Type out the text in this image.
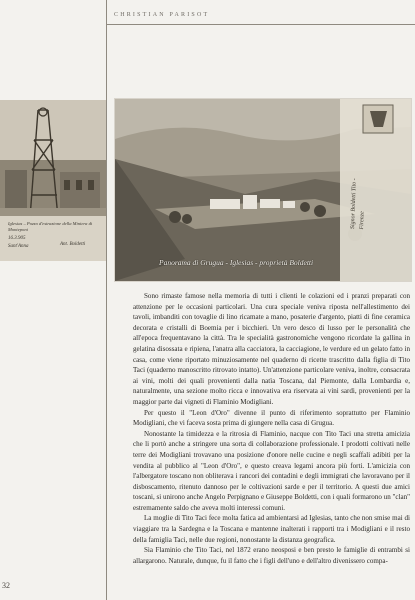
CHRISTIAN PARISOT
Iglesias – Pozzo d'estrazione della Miniera di Monteponi
16.3.905
Sant'Anna	Ant. Boldetti
Signor Boldetti Tito - Firenze
Panorama di Grugua - Iglesias - proprietà Boldetti

Sono rimaste famose nella memoria di tutti i clienti le colazioni ed i pranzi preparati con attenzione per le occasioni particolari. Una cura speciale veniva riposta nell'allestimento dei tavoli, imbanditi con tovaglie di lino ricamate a mano, posaterie d'argento, piatti di fine ceramica decorata e cristalli di Boemia per i bicchieri. Un vero desco di lusso per le personalità che all'epoca frequentavano la città. Tra le specialità gastronomiche vengono ricordate la gallina in gelatina disossata e ripiena, l'anatra alla cacciatora, la cacciagione, le verdure ed un gelato fatto in casa, come viene riportato minuziosamente nel quaderno di ricette trascritto dalla figlia di Tito Taci (quaderno manoscritto ritrovato intatto). Un'attenzione particolare veniva, inoltre, consacrata ai vini, molti dei quali provenienti dalla natìa Toscana, dal Piemonte, dalla Lombardia e, naturalmente, una sezione molto ricca e innovativa era riservata ai vini sardi, provenienti per la maggior parte dai vigneti di Flaminio Modigliani.

Per questo il "Leon d'Oro" divenne il punto di riferimento soprattutto per Flaminio Modigliani, che vi faceva sosta prima di giungere nella casa di Grugua.

Nonostante la timidezza e la ritrosia di Flaminio, nacque con Tito Taci una stretta amicizia che li portò anche a stringere una sorta di collaborazione professionale. I prodotti coltivati nelle terre dei Modigliani trovavano una posizione d'onore nelle cucine e negli scaffali adibiti per la vendita al pubblico al "Leon d'Oro", e questo creava legami ancora più forti. L'amicizia con l'albergatore toscano non obliterava i rancori dei contadini e degli immigrati che lavoravano per il disboscamento, ritenuto dannoso per le coltivazioni sarde e per il territorio. A questi due amici toscani, si unirono anche Angelo Perpignano e Giuseppe Boldetti, con i quali formarono un "clan" estremamente saldo che aveva molti interessi comuni.

La moglie di Tito Taci fece molta fatica ad ambientarsi ad Iglesias, tanto che non smise mai di viaggiare tra la Sardegna e la Toscana e mantenne inalterati i rapporti tra i Modigliani e il resto della famiglia Taci, nelle due regioni, nonostante la distanza geografica.

Sia Flaminio che Tito Taci, nel 1872 erano neosposi e ben presto le famiglie di entrambi si allargarono. Naturale, dunque, fu il fatto che i figli dell'uno e dell'altro divenissero compa-

32
